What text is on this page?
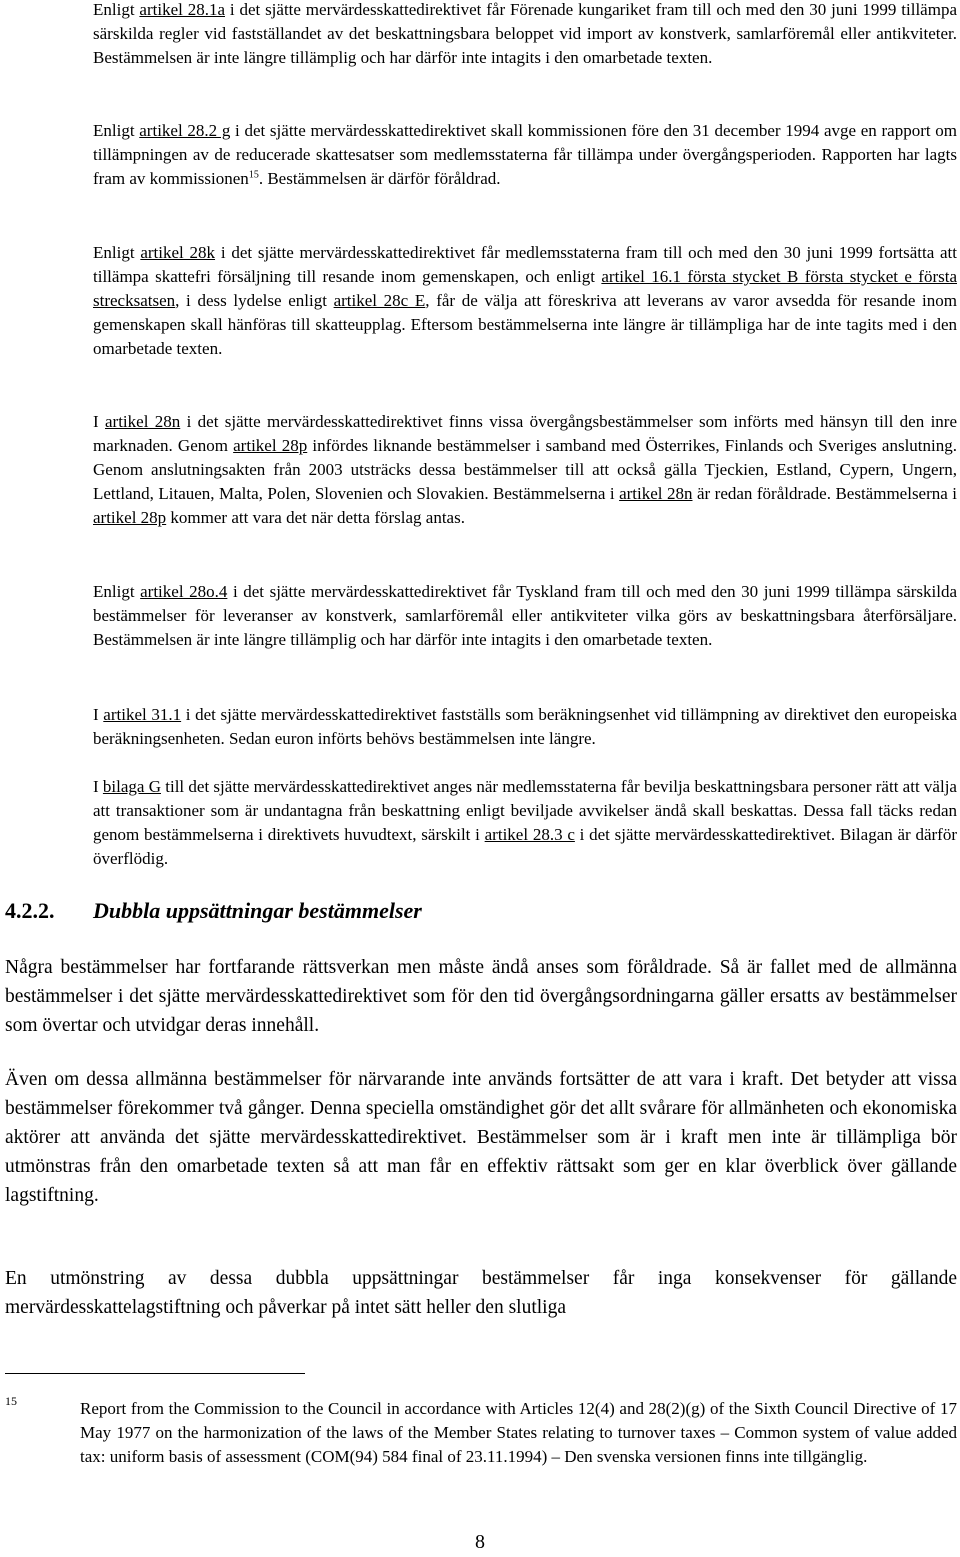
Enligt artikel 28.1a i det sjätte mervärdesskattedirektivet får Förenade kungariket fram till och med den 30 juni 1999 tillämpa särskilda regler vid fastställandet av det beskattningsbara beloppet vid import av konstverk, samlarföremål eller antikviteter. Bestämmelsen är inte längre tillämplig och har därför inte intagits i den omarbetade texten.

Enligt artikel 28.2 g i det sjätte mervärdesskattedirektivet skall kommissionen före den 31 december 1994 avge en rapport om tillämpningen av de reducerade skattesatser som medlemsstaterna får tillämpa under övergångsperioden. Rapporten har lagts fram av kommissionen$^{15}$. Bestämmelsen är därför föråldrad.

Enligt artikel 28k i det sjätte mervärdesskattedirektivet får medlemsstaterna fram till och med den 30 juni 1999 fortsätta att tillämpa skattefri försäljning till resande inom gemenskapen, och enligt artikel 16.1 första stycket B första stycket e första strecksatsen, i dess lydelse enligt artikel 28c E, får de välja att föreskriva att leverans av varor avsedda för resande inom gemenskapen skall hänföras till skatteupplag. Eftersom bestämmelserna inte längre är tillämpliga har de inte tagits med i den omarbetade texten.

I artikel 28n i det sjätte mervärdesskattedirektivet finns vissa övergångsbestämmelser som införts med hänsyn till den inre marknaden. Genom artikel 28p infördes liknande bestämmelser i samband med Österrikes, Finlands och Sveriges anslutning. Genom anslutningsakten från 2003 utsträcks dessa bestämmelser till att också gälla Tjeckien, Estland, Cypern, Ungern, Lettland, Litauen, Malta, Polen, Slovenien och Slovakien. Bestämmelserna i artikel 28n är redan föråldrade. Bestämmelserna i artikel 28p kommer att vara det när detta förslag antas.

Enligt artikel 28o.4 i det sjätte mervärdesskattedirektivet får Tyskland fram till och med den 30 juni 1999 tillämpa särskilda bestämmelser för leveranser av konstverk, samlarföremål eller antikviteter vilka görs av beskattningsbara återförsäljare. Bestämmelsen är inte längre tillämplig och har därför inte intagits i den omarbetade texten.

I artikel 31.1 i det sjätte mervärdesskattedirektivet fastställs som beräkningsenhet vid tillämpning av direktivet den europeiska beräkningsenheten. Sedan euron införts behövs bestämmelsen inte längre.

I bilaga G till det sjätte mervärdesskattedirektivet anges när medlemsstaterna får bevilja beskattningsbara personer rätt att välja att transaktioner som är undantagna från beskattning enligt beviljade avvikelser ändå skall beskattas. Dessa fall täcks redan genom bestämmelserna i direktivets huvudtext, särskilt i artikel 28.3 c i det sjätte mervärdesskattedirektivet. Bilagan är därför överflödig.

4.2.2. Dubbla uppsättningar bestämmelser

Några bestämmelser har fortfarande rättsverkan men måste ändå anses som föråldrade. Så är fallet med de allmänna bestämmelser i det sjätte mervärdesskattedirektivet som för den tid övergångsordningarna gäller ersatts av bestämmelser som övertar och utvidgar deras innehåll.

Även om dessa allmänna bestämmelser för närvarande inte används fortsätter de att vara i kraft. Det betyder att vissa bestämmelser förekommer två gånger. Denna speciella omständighet gör det allt svårare för allmänheten och ekonomiska aktörer att använda det sjätte mervärdesskattedirektivet. Bestämmelser som är i kraft men inte är tillämpliga bör utmönstras från den omarbetade texten så att man får en effektiv rättsakt som ger en klar överblick över gällande lagstiftning.

En utmönstring av dessa dubbla uppsättningar bestämmelser får inga konsekvenser för gällande mervärdesskattelagstiftning och påverkar på intet sätt heller den slutliga

15	Report from the Commission to the Council in accordance with Articles 12(4) and 28(2)(g) of the Sixth Council Directive of 17 May 1977 on the harmonization of the laws of the Member States relating to turnover taxes – Common system of value added tax: uniform basis of assessment (COM(94) 584 final of 23.11.1994) – Den svenska versionen finns inte tillgänglig.

8
